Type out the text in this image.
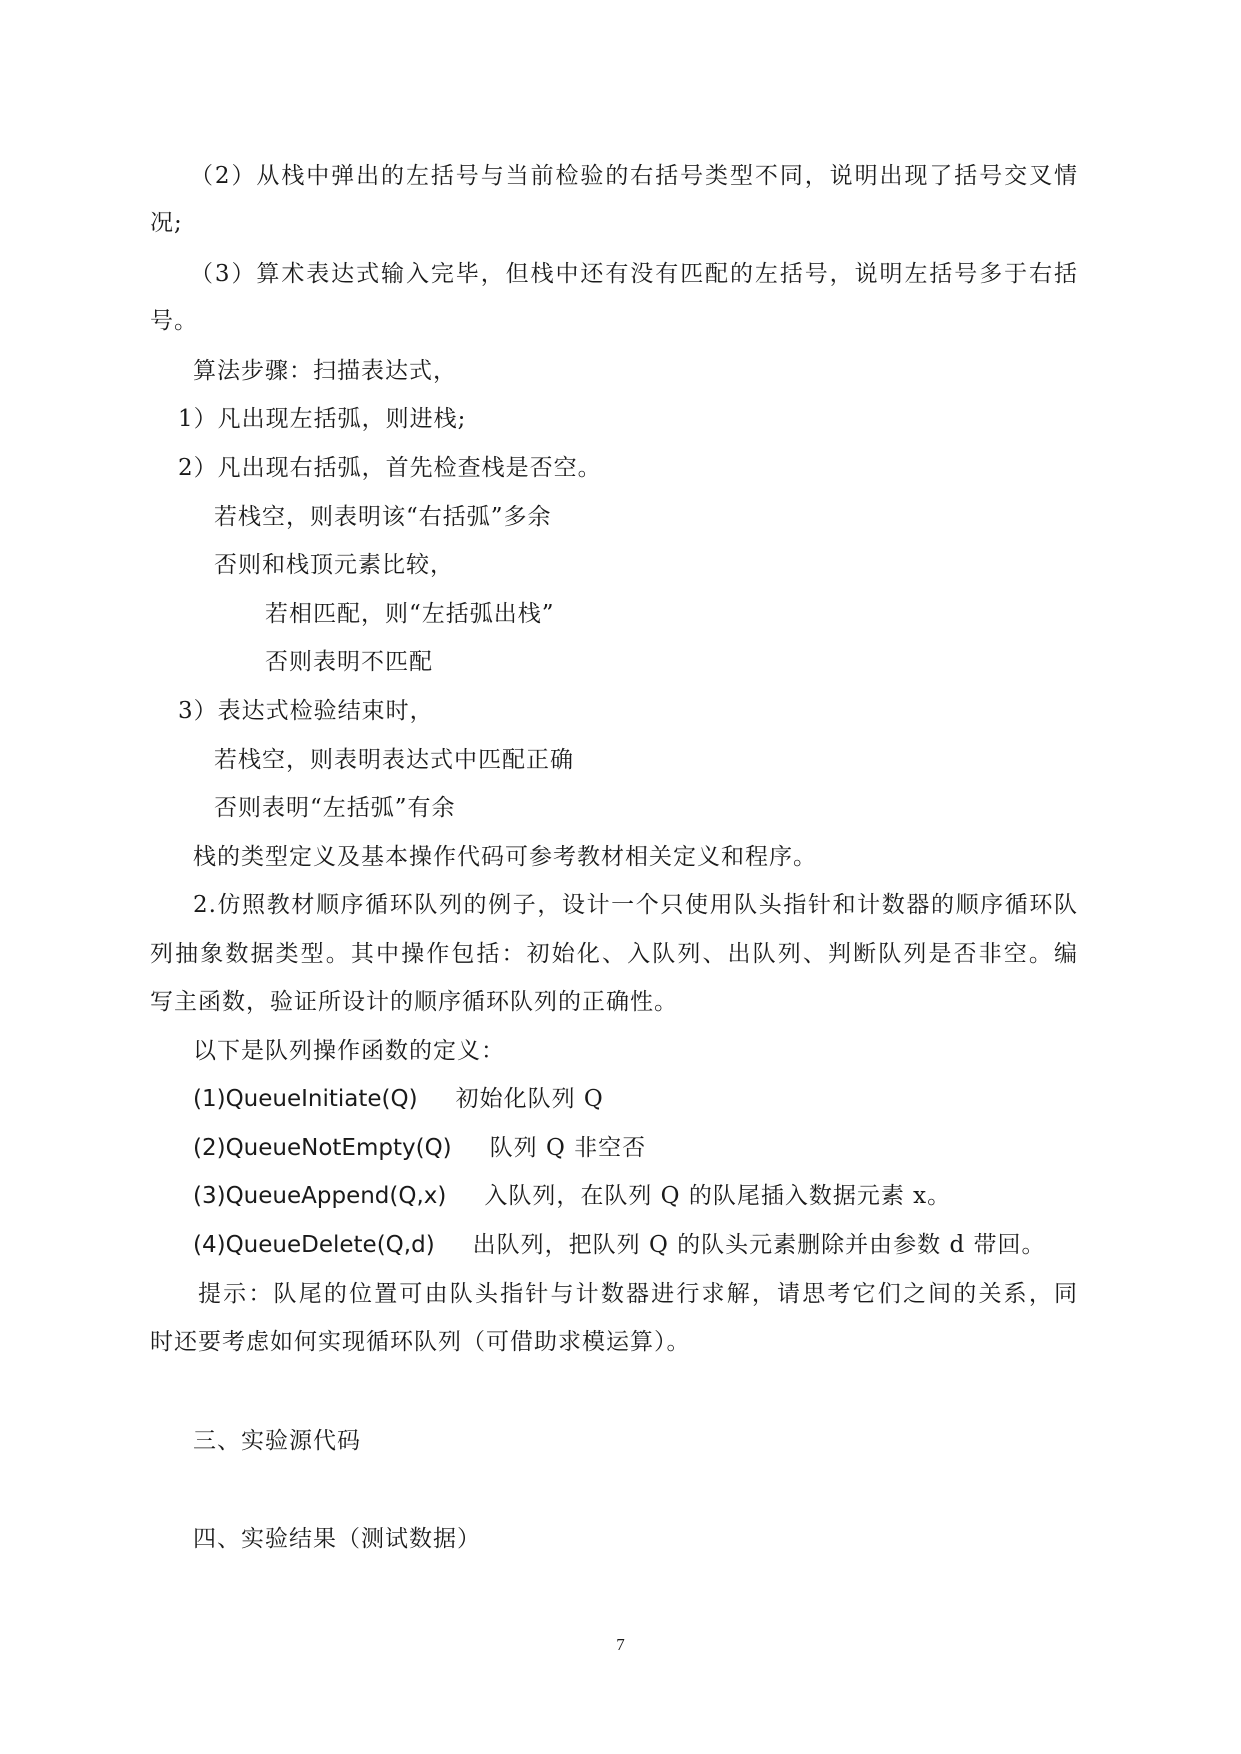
（2）从栈中弹出的左括号与当前检验的右括号类型不同，说明出现了括号交叉情

况;

（3）算术表达式输入完毕，但栈中还有没有匹配的左括号，说明左括号多于右括

号。

算法步骤：扫描表达式，

1）凡出现左括弧，则进栈;

2）凡出现右括弧，首先检查栈是否空。

若栈空，则表明该“右括弧”多余

否则和栈顶元素比较，

若相匹配，则“左括弧出栈”

否则表明不匹配

3）表达式检验结束时，

若栈空，则表明表达式中匹配正确

否则表明“左括弧”有余

栈的类型定义及基本操作代码可参考教材相关定义和程序。

2.仿照教材顺序循环队列的例子，设计一个只使用队头指针和计数器的顺序循环队

列抽象数据类型。其中操作包括：初始化、入队列、出队列、判断队列是否非空。编

写主函数，验证所设计的顺序循环队列的正确性。

以下是队列操作函数的定义：

(1)QueueInitiate(Q) 初始化队列 Q

(2)QueueNotEmpty(Q) 队列 Q 非空否

(3)QueueAppend(Q,x) 入队列，在队列 Q 的队尾插入数据元素 x。

(4)QueueDelete(Q,d) 出队列，把队列 Q 的队头元素删除并由参数 d 带回。

提示：队尾的位置可由队头指针与计数器进行求解，请思考它们之间的关系，同

时还要考虑如何实现循环队列（可借助求模运算）。

三、实验源代码

四、实验结果（测试数据）

7
